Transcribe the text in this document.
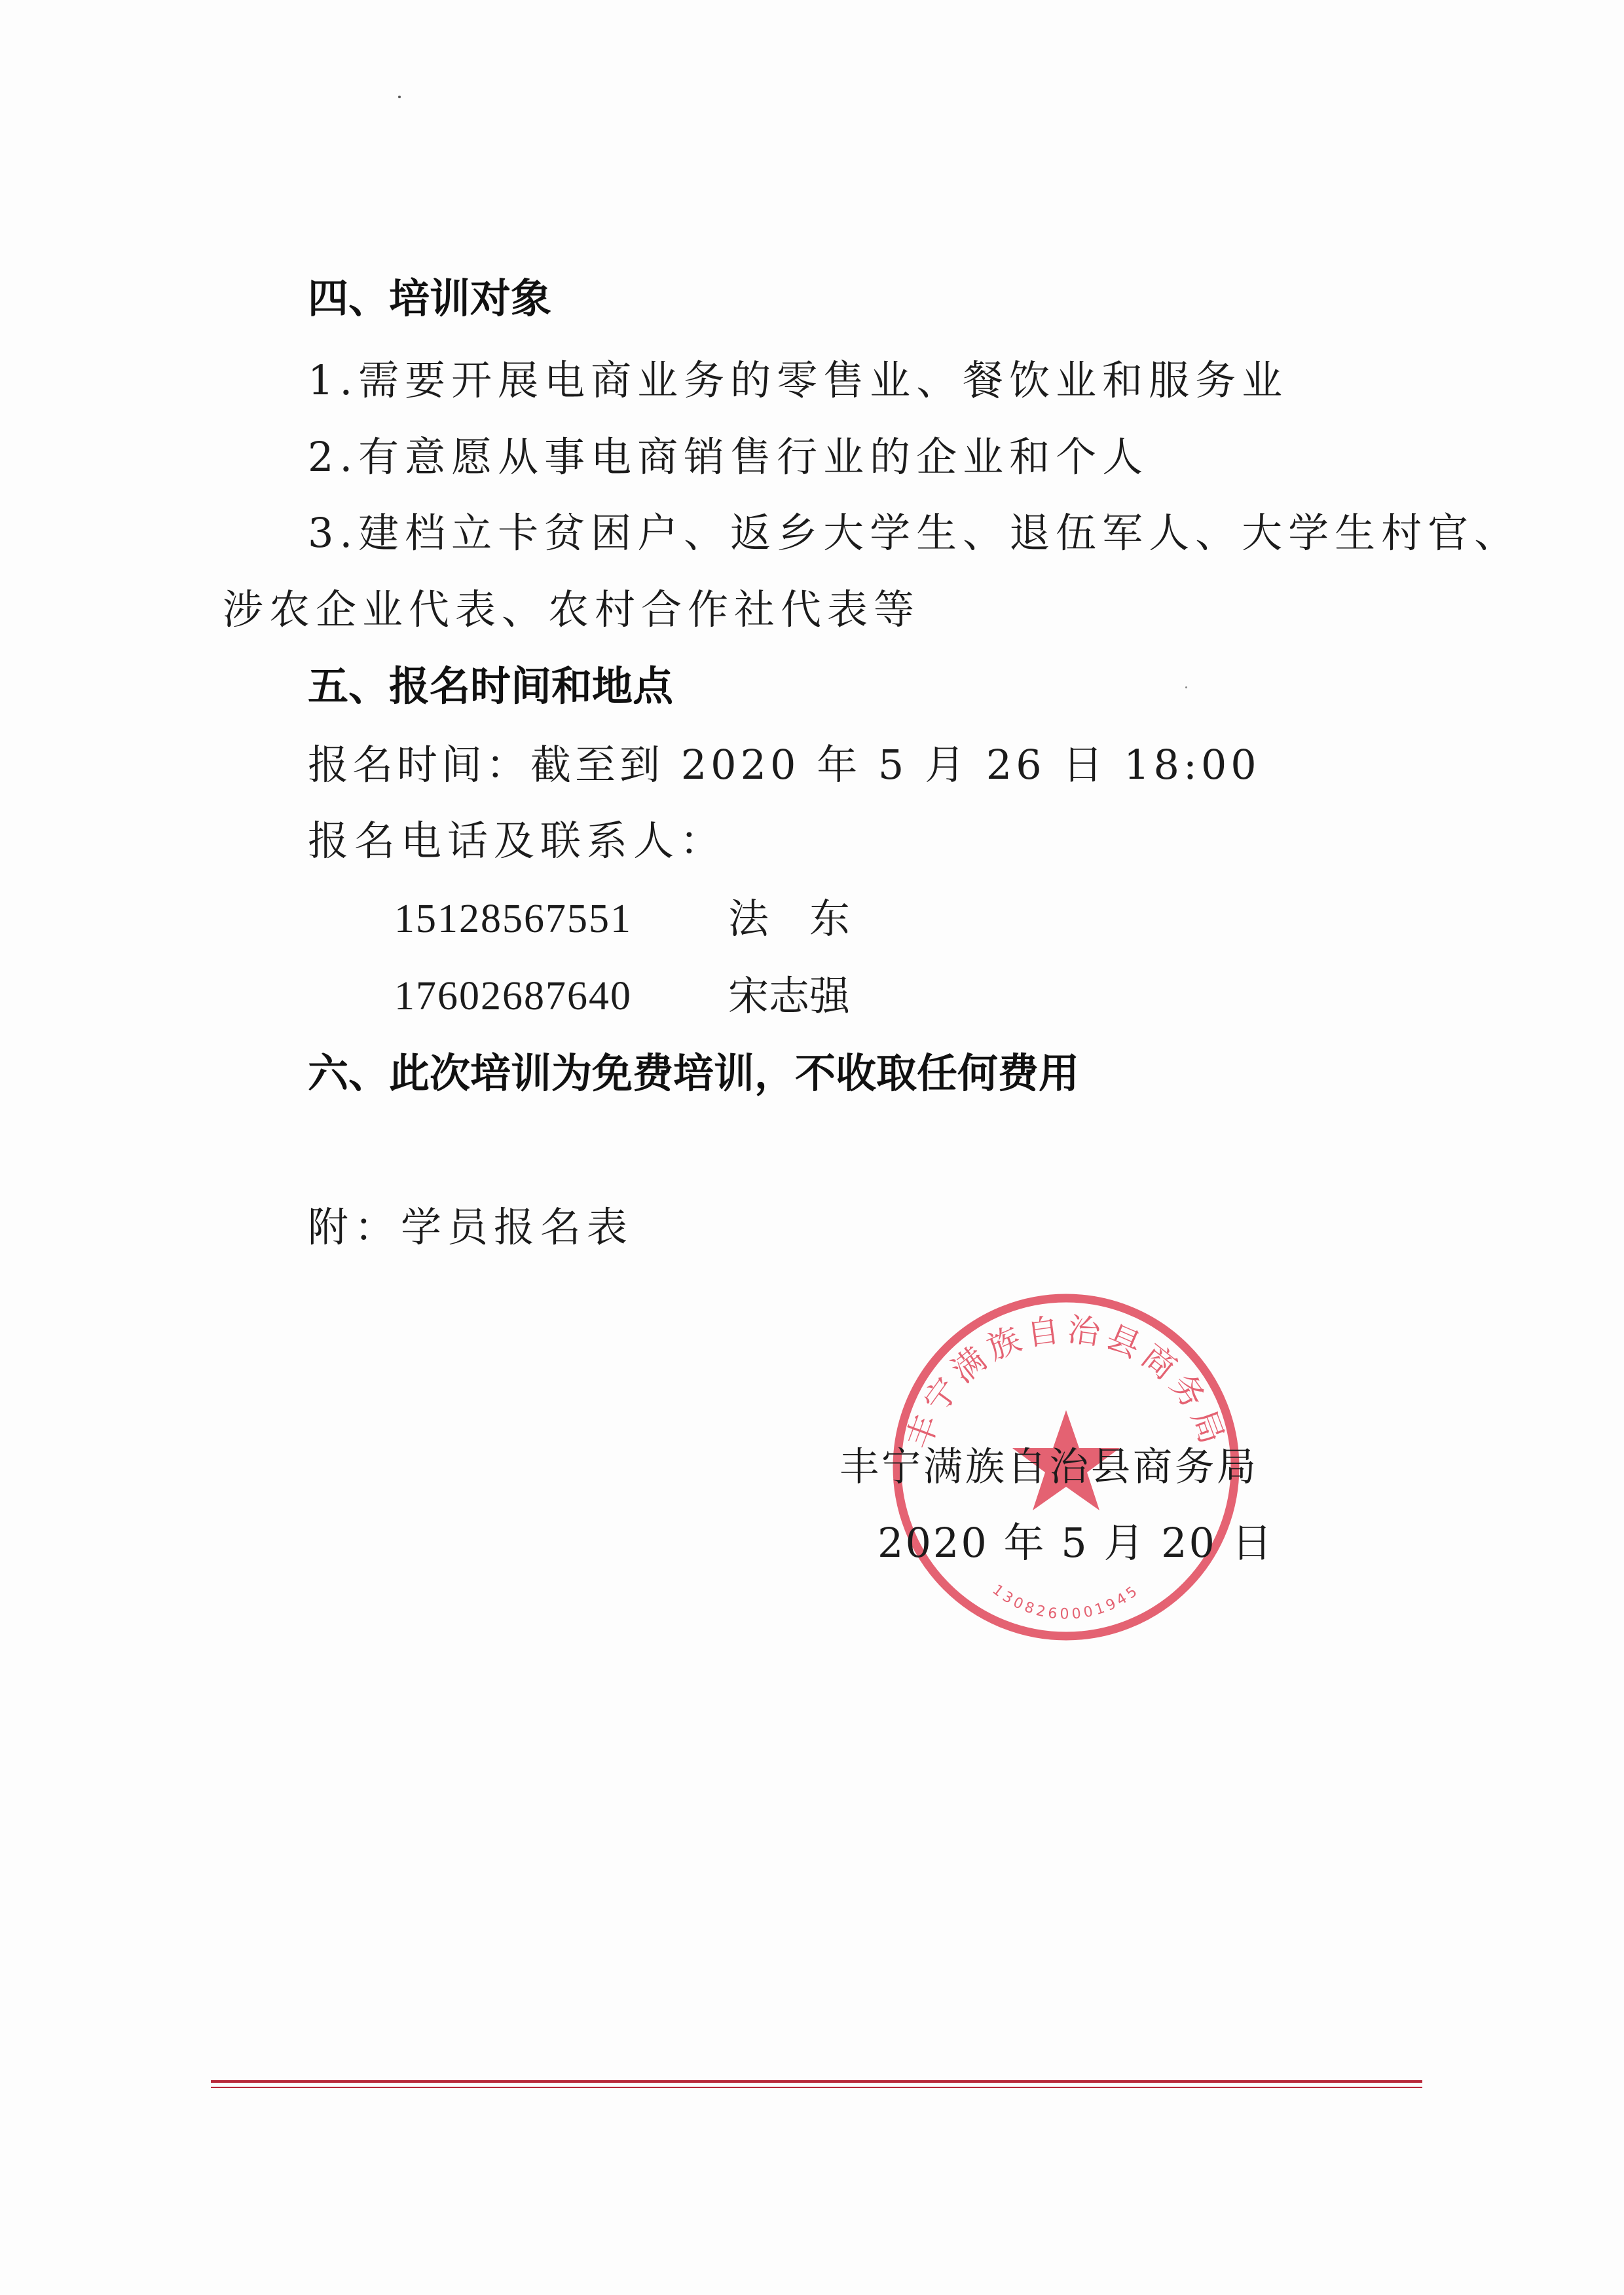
四、培训对象
1.需要开展电商业务的零售业、餐饮业和服务业
2.有意愿从事电商销售行业的企业和个人
3.建档立卡贫困户、返乡大学生、退伍军人、大学生村官、
涉农企业代表、农村合作社代表等
五、报名时间和地点
报名时间：截至到 2020 年 5 月 26 日 18:00
报名电话及联系人：
15128567551 法　东
17602687640 宋志强
六、此次培训为免费培训，不收取任何费用
附：学员报名表
丰宁满族自治县商务局
1308260001945
丰宁满族自治县商务局
2020 年 5 月 20 日
